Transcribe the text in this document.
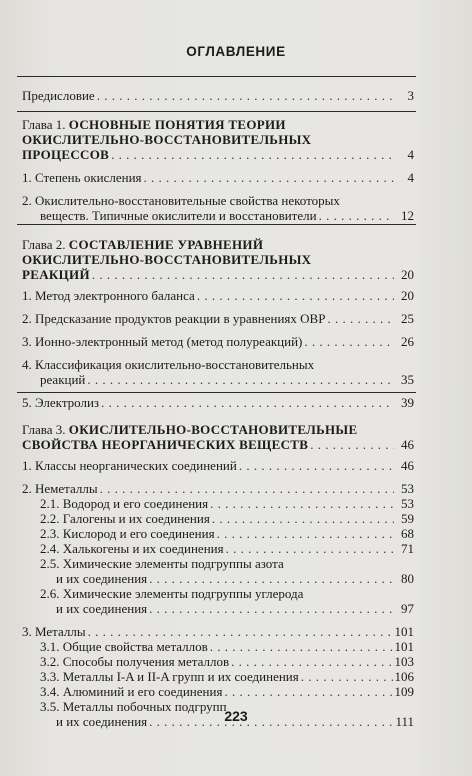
ОГЛАВЛЕНИЕ
Предисловие . . .	3
Глава 1. ОСНОВНЫЕ ПОНЯТИЯ ТЕОРИИ
ОКИСЛИТЕЛЬНО-ВОССТАНОВИТЕЛЬНЫХ
ПРОЦЕССОВ . . .	4
1. Степень окисления . . .	4
2. Окислительно-восстановительные свойства некоторых
веществ. Типичные окислители и восстановители . . .	12
Глава 2. СОСТАВЛЕНИЕ УРАВНЕНИЙ
ОКИСЛИТЕЛЬНО-ВОССТАНОВИТЕЛЬНЫХ
РЕАКЦИЙ . . .	20
1. Метод электронного баланса . . .	20
2. Предсказание продуктов реакции в уравнениях ОВР . . .	25
3. Ионно-электронный метод (метод полуреакций) . . .	26
4. Классификация окислительно-восстановительных
реакций . . .	35
5. Электролиз . . .	39
Глава 3. ОКИСЛИТЕЛЬНО-ВОССТАНОВИТЕЛЬНЫЕ
СВОЙСТВА НЕОРГАНИЧЕСКИХ ВЕЩЕСТВ . . .	46
1. Классы неорганических соединений . . .	46
2. Неметаллы . . .	53
2.1. Водород и его соединения . . .	53
2.2. Галогены и их соединения . . .	59
2.3. Кислород и его соединения . . .	68
2.4. Халькогены и их соединения . . .	71
2.5. Химические элементы подгруппы азота
и их соединения . . .	80
2.6. Химические элементы подгруппы углерода
и их соединения . . .	97
3. Металлы . . .	101
3.1. Общие свойства металлов . . .	101
3.2. Способы получения металлов . . .	103
3.3. Металлы I-A и II-A групп и их соединения . . .	106
3.4. Алюминий и его соединения . . .	109
3.5. Металлы побочных подгрупп
и их соединения . . .	111
223
